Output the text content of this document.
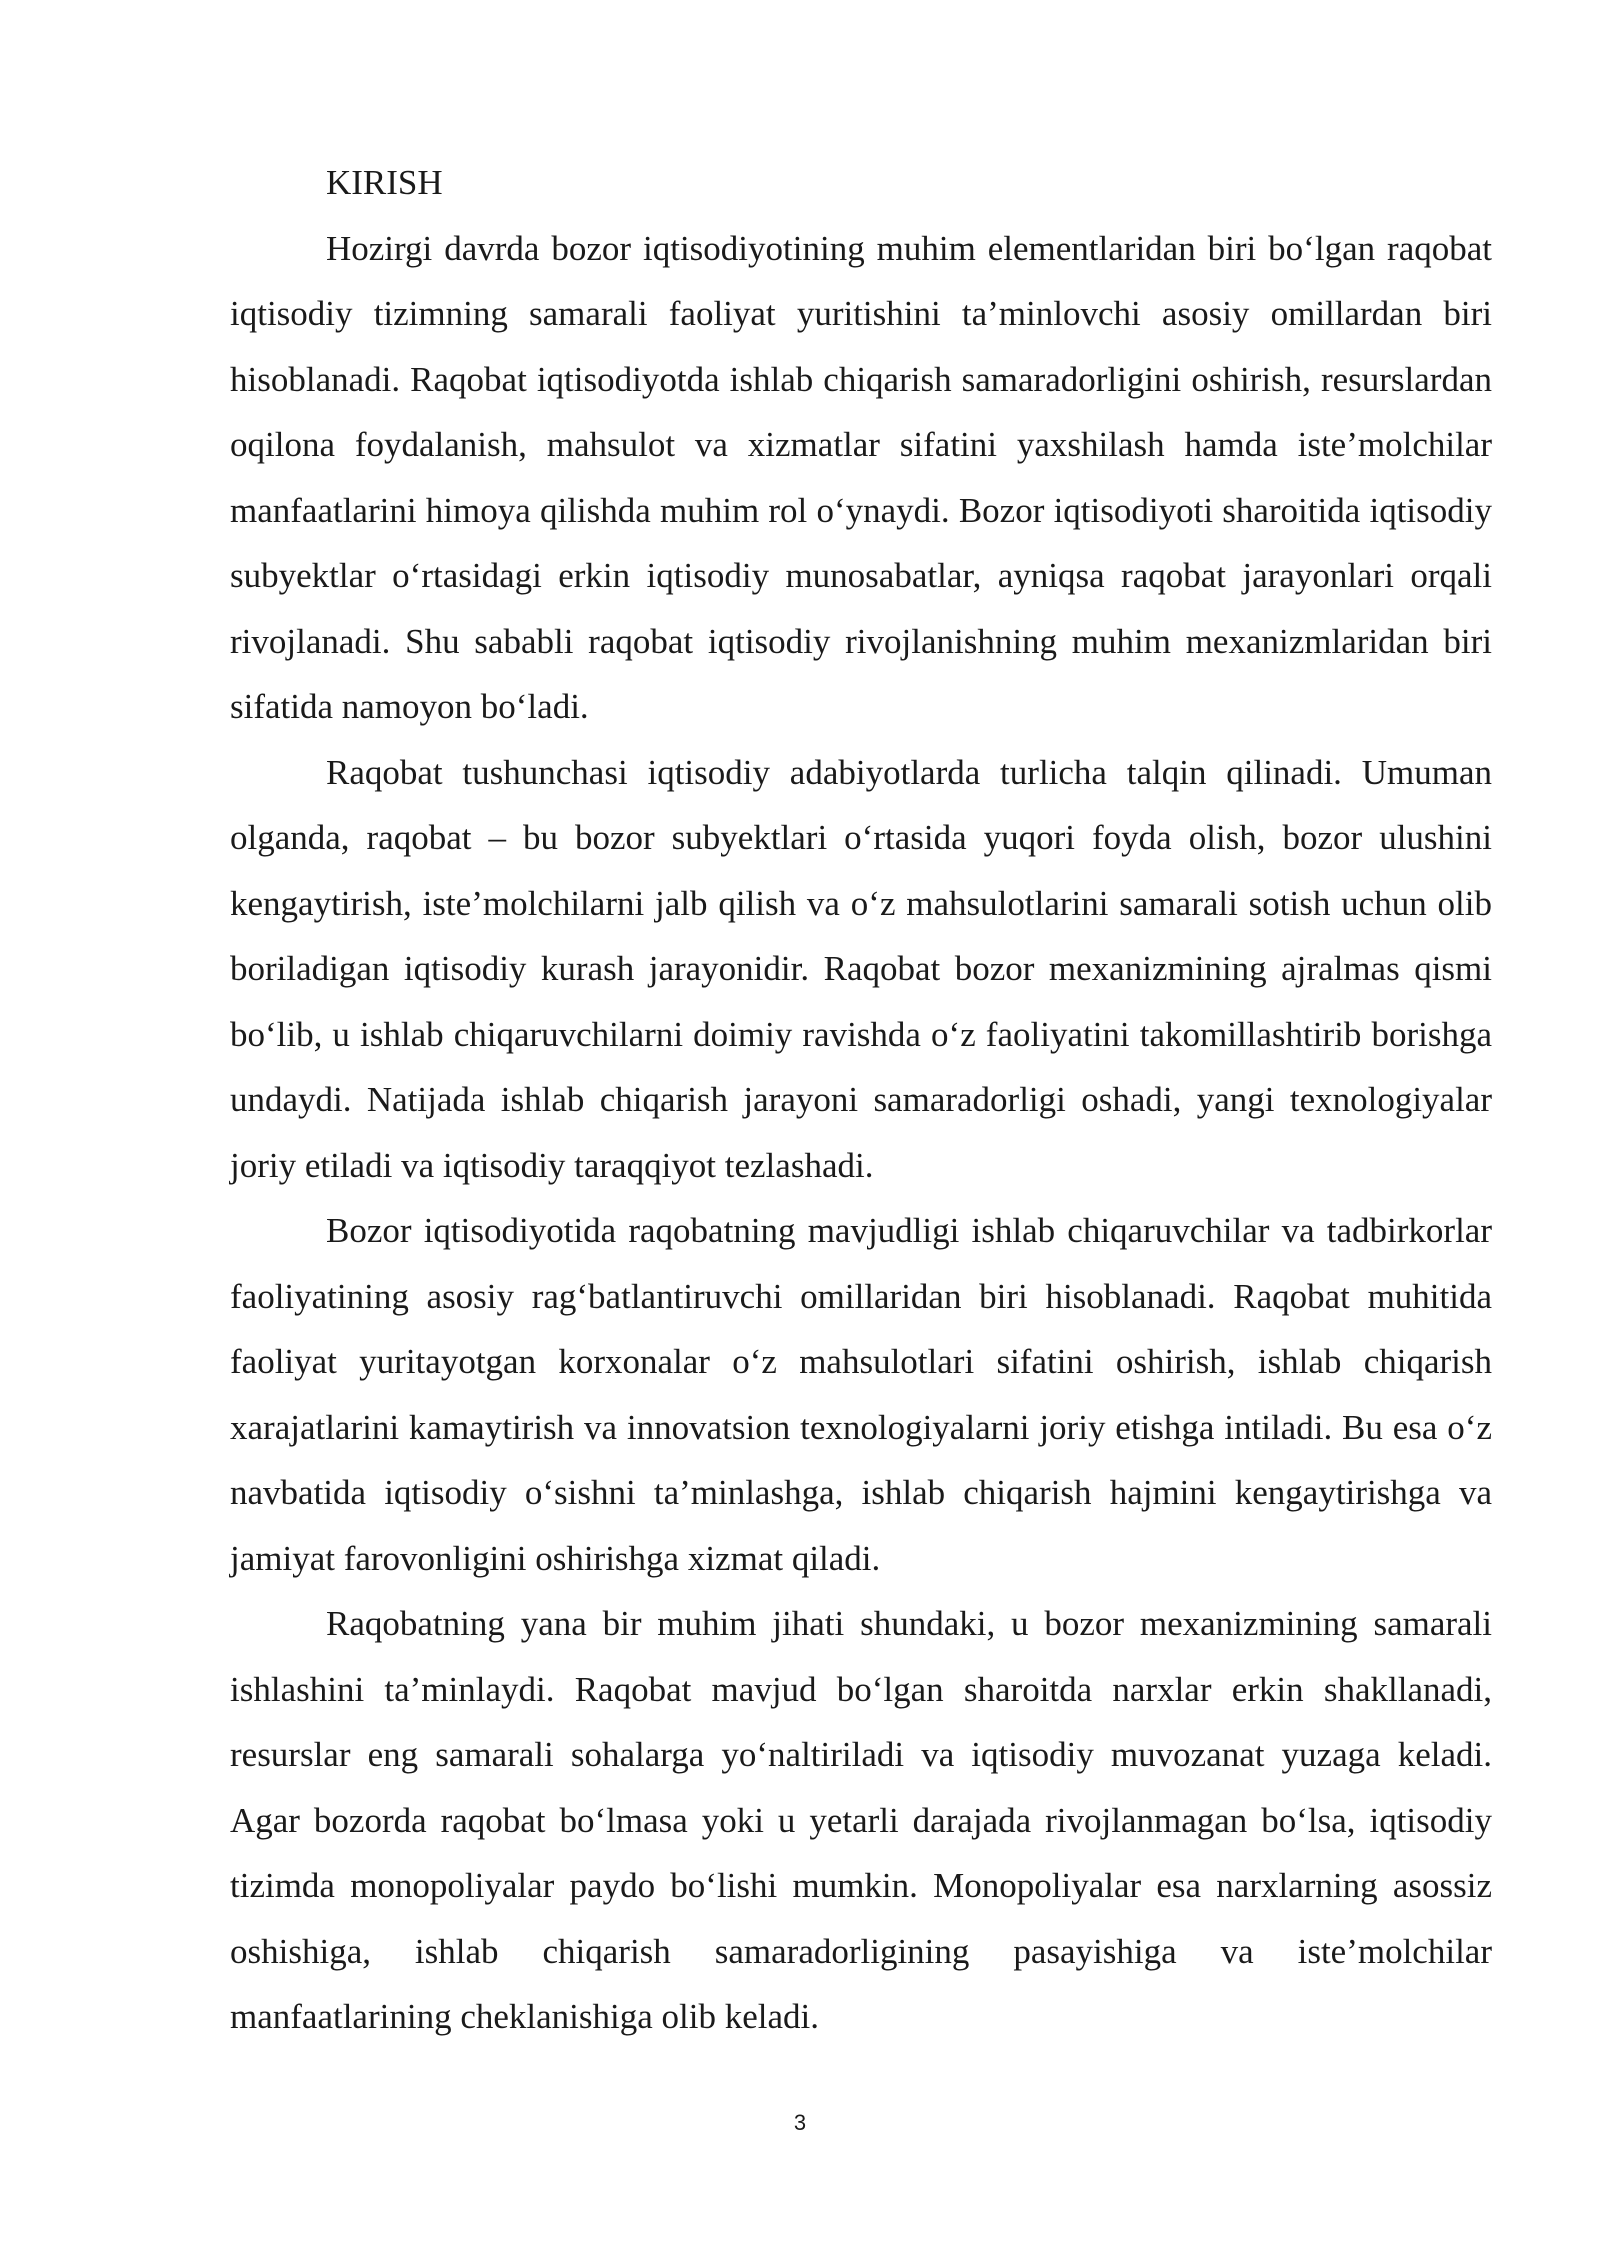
KIRISH

Hozirgi davrda bozor iqtisodiyotining muhim elementlaridan biri bo‘lgan raqobat iqtisodiy tizimning samarali faoliyat yuritishini ta’minlovchi asosiy omillardan biri hisoblanadi. Raqobat iqtisodiyotda ishlab chiqarish samaradorligini oshirish, resurslardan oqilona foydalanish, mahsulot va xizmatlar sifatini yaxshilash hamda iste’molchilar manfaatlarini himoya qilishda muhim rol o‘ynaydi. Bozor iqtisodiyoti sharoitida iqtisodiy subyektlar o‘rtasidagi erkin iqtisodiy munosabatlar, ayniqsa raqobat jarayonlari orqali rivojlanadi. Shu sababli raqobat iqtisodiy rivojlanishning muhim mexanizmlaridan biri sifatida namoyon bo‘ladi.

Raqobat tushunchasi iqtisodiy adabiyotlarda turlicha talqin qilinadi. Umuman olganda, raqobat – bu bozor subyektlari o‘rtasida yuqori foyda olish, bozor ulushini kengaytirish, iste’molchilarni jalb qilish va o‘z mahsulotlarini samarali sotish uchun olib boriladigan iqtisodiy kurash jarayonidir. Raqobat bozor mexanizmining ajralmas qismi bo‘lib, u ishlab chiqaruvchilarni doimiy ravishda o‘z faoliyatini takomillashtirib borishga undaydi. Natijada ishlab chiqarish jarayoni samaradorligi oshadi, yangi texnologiyalar joriy etiladi va iqtisodiy taraqqiyot tezlashadi.

Bozor iqtisodiyotida raqobatning mavjudligi ishlab chiqaruvchilar va tadbirkorlar faoliyatining asosiy rag‘batlantiruvchi omillaridan biri hisoblanadi. Raqobat muhitida faoliyat yuritayotgan korxonalar o‘z mahsulotlari sifatini oshirish, ishlab chiqarish xarajatlarini kamaytirish va innovatsion texnologiyalarni joriy etishga intiladi. Bu esa o‘z navbatida iqtisodiy o‘sishni ta’minlashga, ishlab chiqarish hajmini kengaytirishga va jamiyat farovonligini oshirishga xizmat qiladi.

Raqobatning yana bir muhim jihati shundaki, u bozor mexanizmining samarali ishlashini ta’minlaydi. Raqobat mavjud bo‘lgan sharoitda narxlar erkin shakllanadi, resurslar eng samarali sohalarga yo‘naltiriladi va iqtisodiy muvozanat yuzaga keladi. Agar bozorda raqobat bo‘lmasa yoki u yetarli darajada rivojlanmagan bo‘lsa, iqtisodiy tizimda monopoliyalar paydo bo‘lishi mumkin. Monopoliyalar esa narxlarning asossiz oshishiga, ishlab chiqarish samaradorligining pasayishiga va iste’molchilar manfaatlarining cheklanishiga olib keladi.

3
